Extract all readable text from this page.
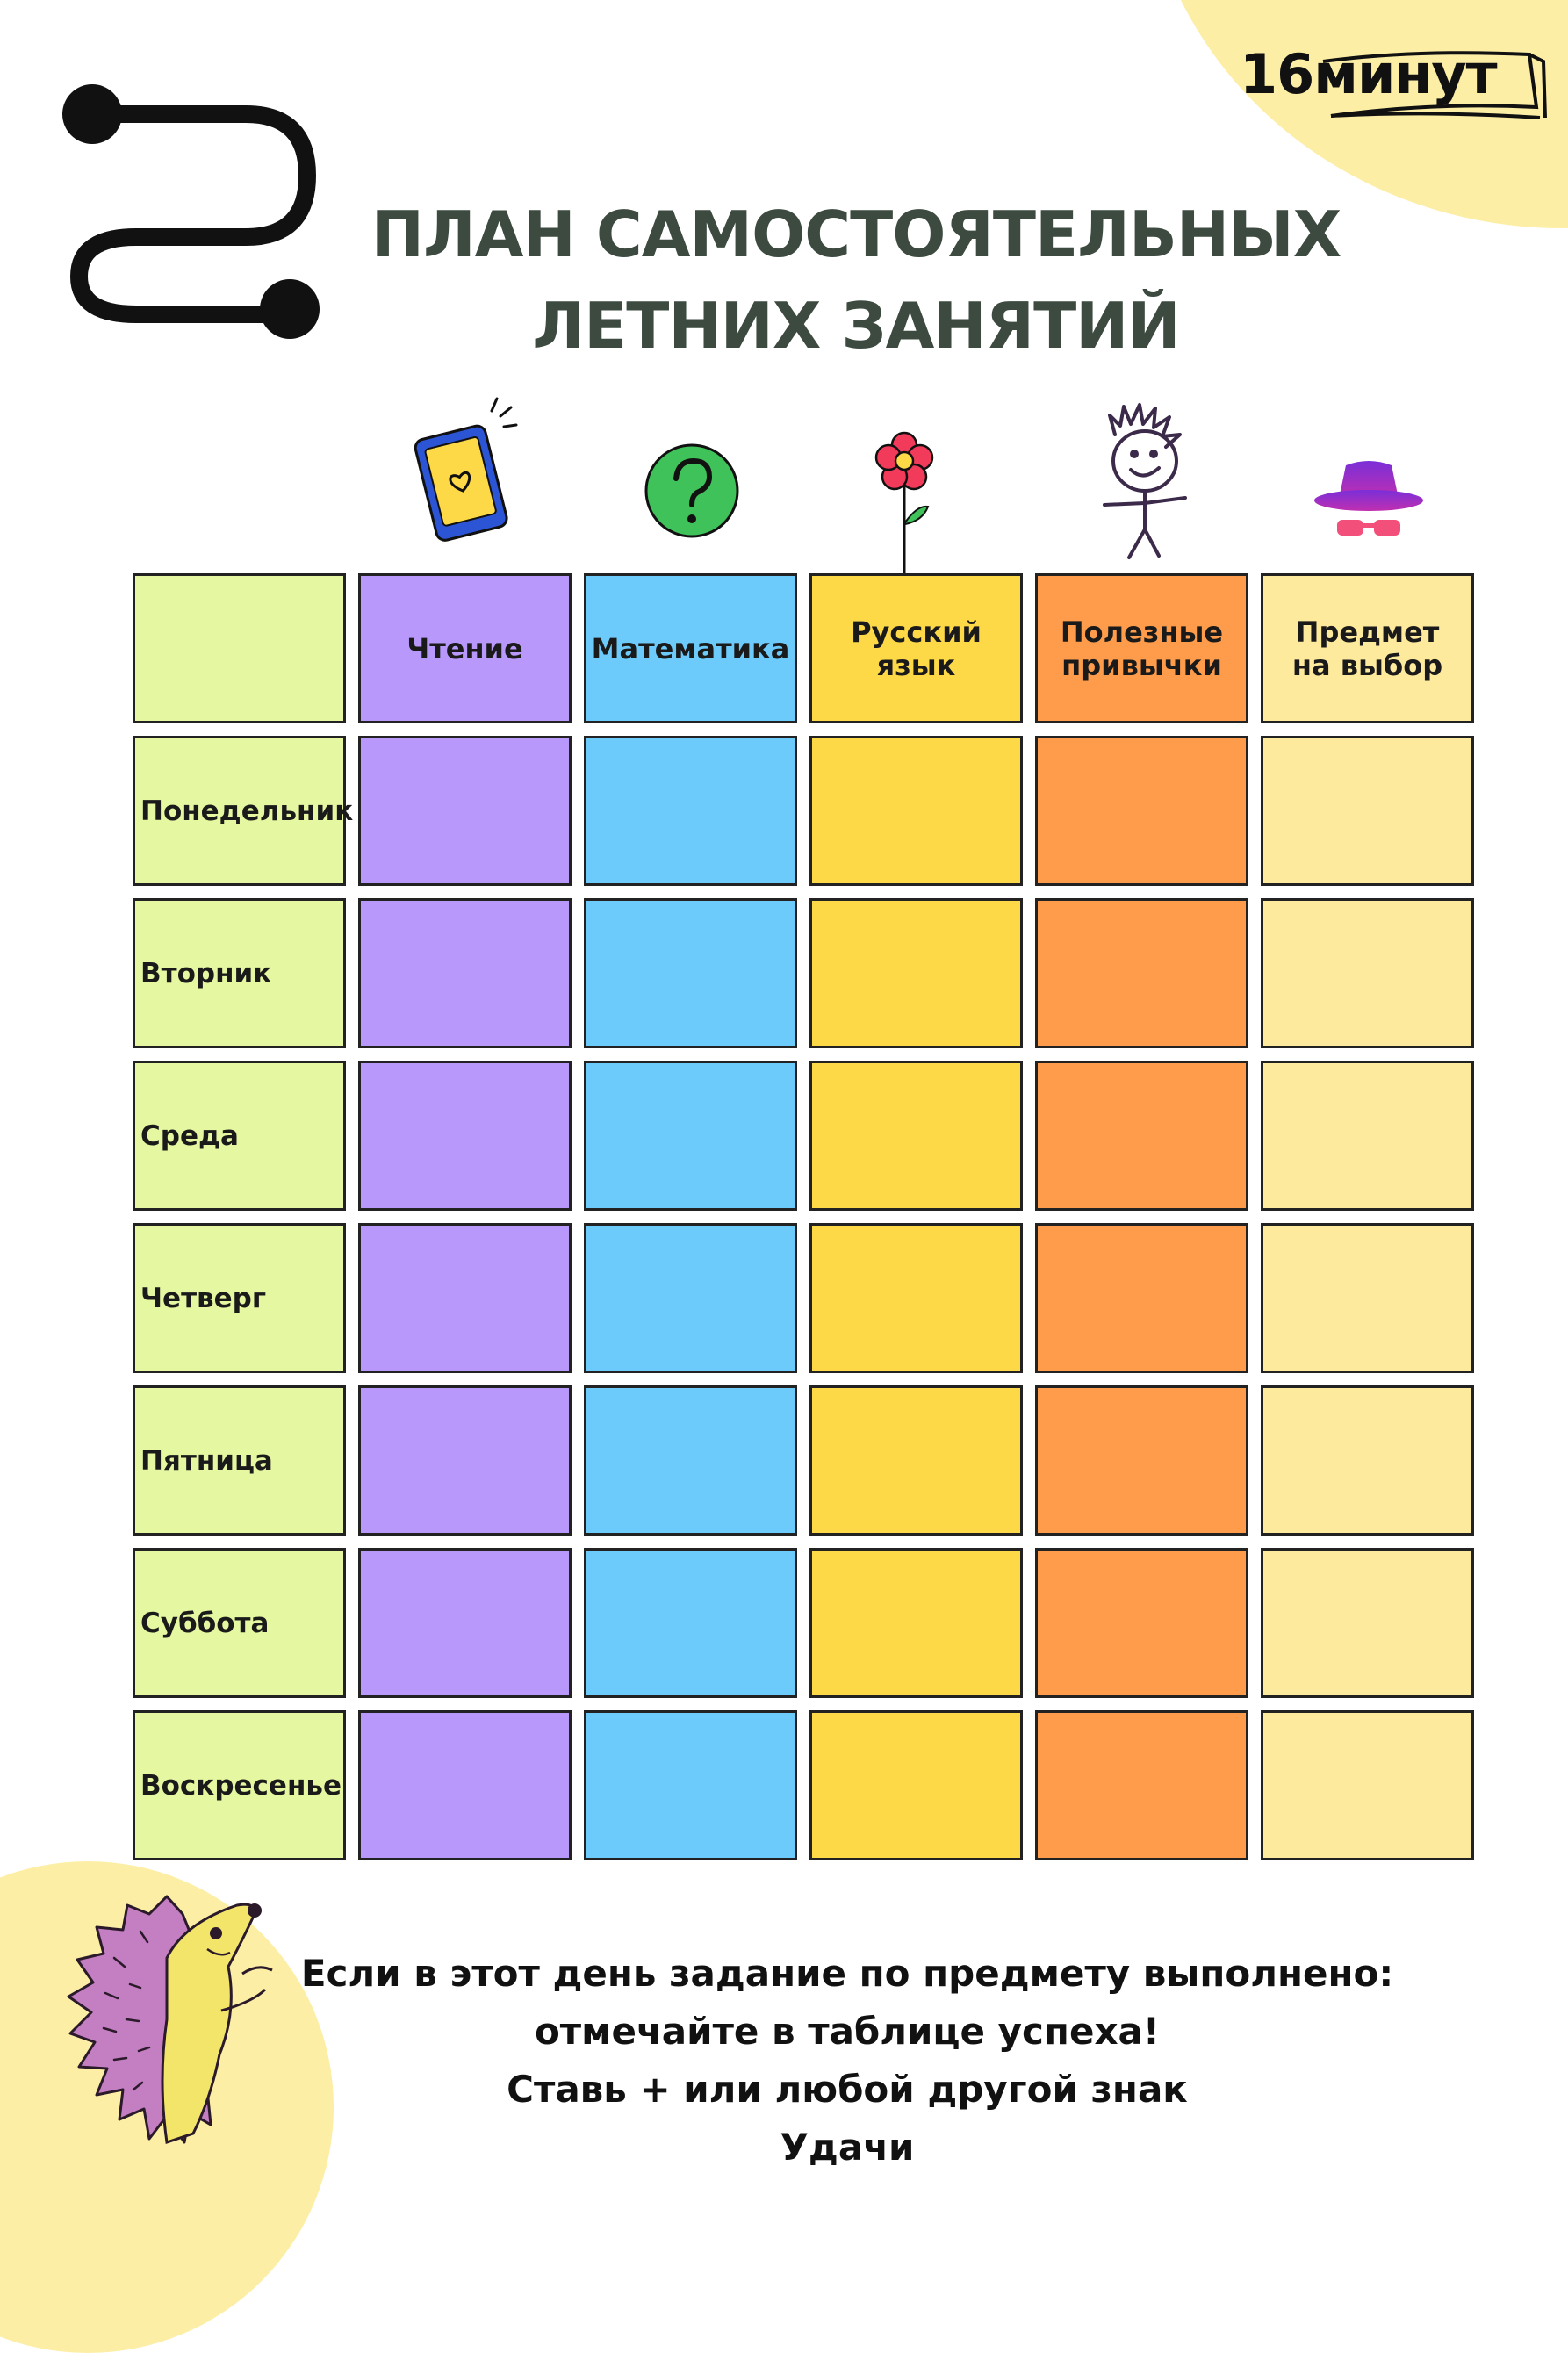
16минут
ПЛАН САМОСТОЯТЕЛЬНЫХ
ЛЕТНИХ ЗАНЯТИЙ
Чтение	Математика	Русский язык
Полезные привычки
Предмет на выбор
Понедельник
Вторник
Среда
Четверг
Пятница
Суббота
Воскресенье
Если в этот день задание по предмету выполнено:
отмечайте в таблице успеха!
Ставь + или любой другой знак
Удачи
